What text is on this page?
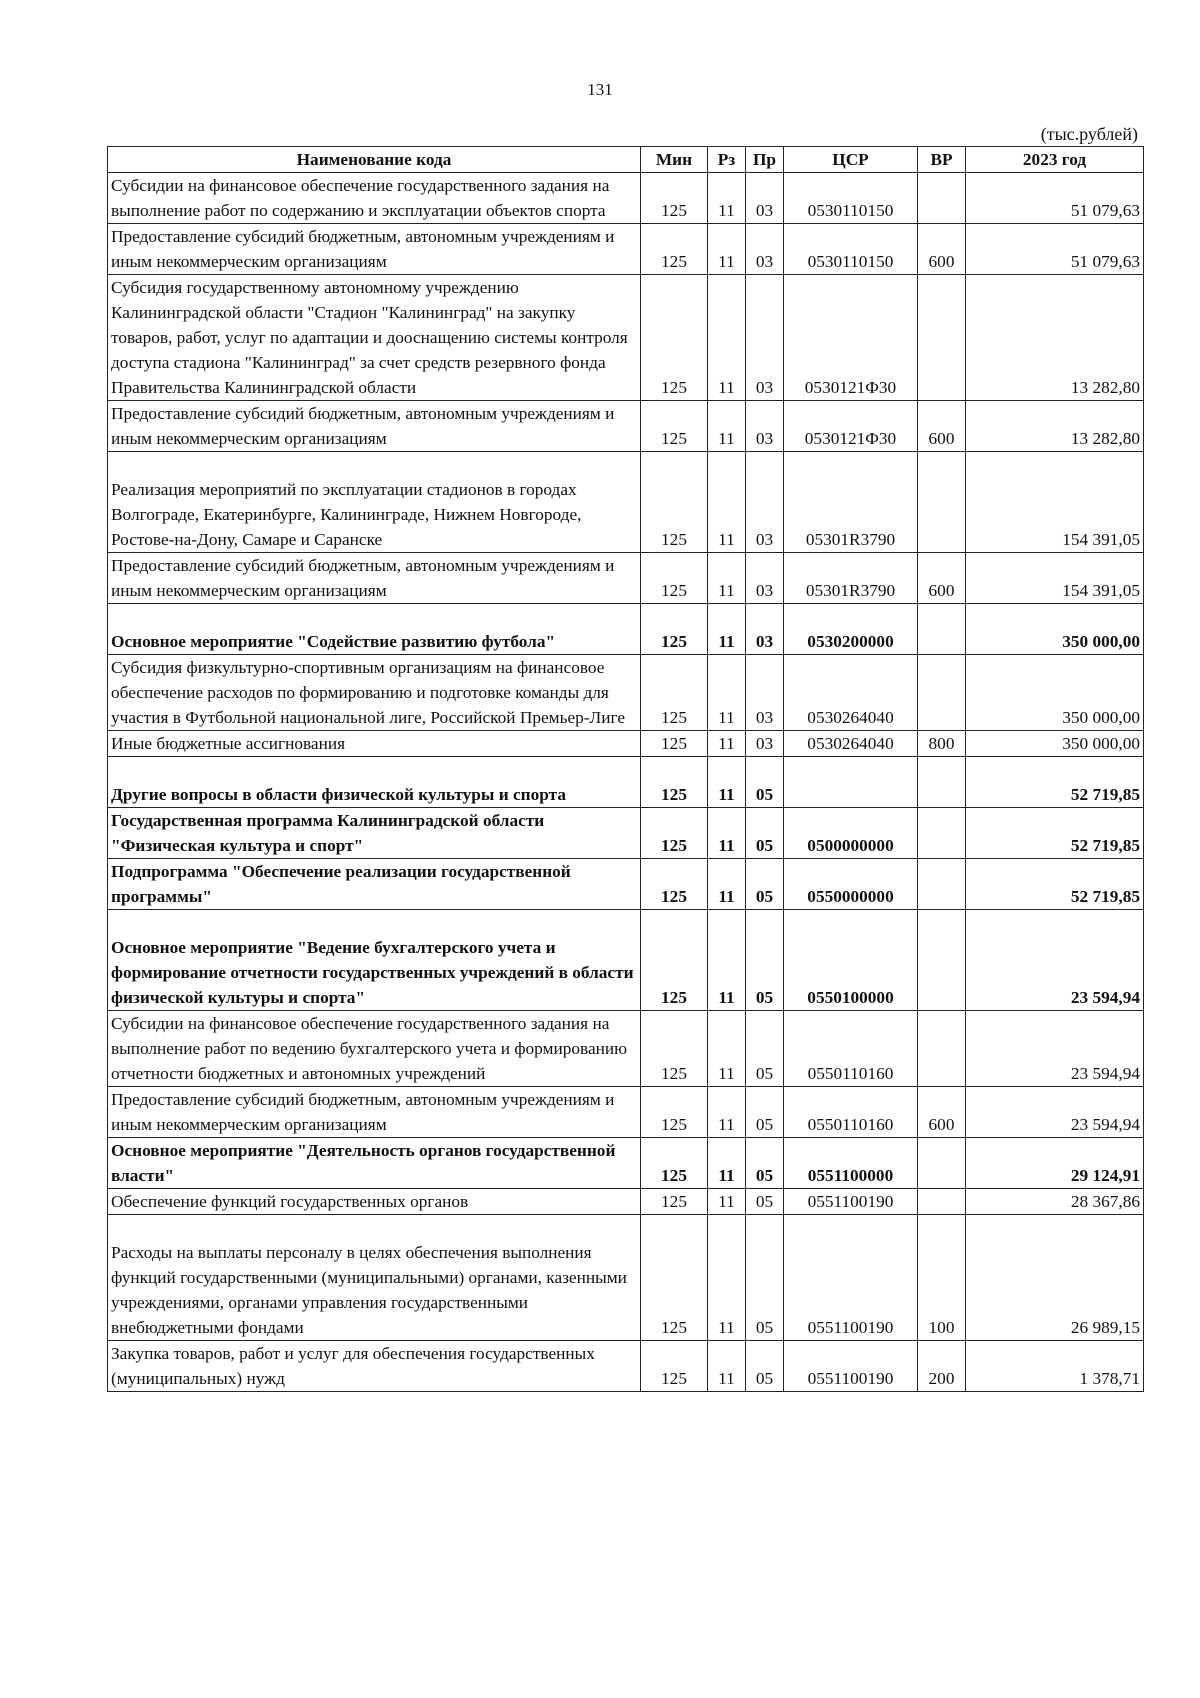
131
(тыс.рублей)
Наименование кода	Мин	Рз	Пр	ЦСР	ВР	2023 год
Субсидии на финансовое обеспечение государственного задания на выполнение работ по содержанию и эксплуатации объектов спорта	125	11	03	0530110150		51 079,63
Предоставление субсидий бюджетным, автономным учреждениям и иным некоммерческим организациям	125	11	03	0530110150	600	51 079,63
Субсидия государственному автономному учреждению Калининградской области "Стадион "Калининград" на закупку товаров, работ, услуг по адаптации и дооснащению системы контроля доступа стадиона "Калининград" за счет средств резервного фонда Правительства Калининградской области	125	11	03	0530121Ф30		13 282,80
Предоставление субсидий бюджетным, автономным учреждениям и иным некоммерческим организациям	125	11	03	0530121Ф30	600	13 282,80

Реализация мероприятий по эксплуатации стадионов в городах Волгограде, Екатеринбурге, Калининграде, Нижнем Новгороде, Ростове-на-Дону, Самаре и Саранске	125	11	03	05301R3790		154 391,05
Предоставление субсидий бюджетным, автономным учреждениям и иным некоммерческим организациям	125	11	03	05301R3790	600	154 391,05

Основное мероприятие "Содействие развитию футбола"	125	11	03	0530200000		350 000,00
Субсидия физкультурно-спортивным организациям на финансовое обеспечение расходов по формированию и подготовке команды для участия в Футбольной национальной лиге, Российской Премьер-Лиге	125	11	03	0530264040		350 000,00
Иные бюджетные ассигнования	125	11	03	0530264040	800	350 000,00

Другие вопросы в области физической культуры и спорта	125	11	05			52 719,85
Государственная программа Калининградской области "Физическая культура и спорт"	125	11	05	0500000000		52 719,85
Подпрограмма "Обеспечение реализации государственной программы"	125	11	05	0550000000		52 719,85

Основное мероприятие "Ведение бухгалтерского учета и формирование отчетности государственных учреждений в области физической культуры и спорта"	125	11	05	0550100000		23 594,94
Субсидии на финансовое обеспечение государственного задания на выполнение работ по ведению бухгалтерского учета и формированию отчетности бюджетных и автономных учреждений	125	11	05	0550110160		23 594,94
Предоставление субсидий бюджетным, автономным учреждениям и иным некоммерческим организациям	125	11	05	0550110160	600	23 594,94
Основное мероприятие "Деятельность органов государственной власти"	125	11	05	0551100000		29 124,91
Обеспечение функций государственных органов	125	11	05	0551100190		28 367,86

Расходы на выплаты персоналу в целях обеспечения выполнения функций государственными (муниципальными) органами, казенными учреждениями, органами управления государственными внебюджетными фондами	125	11	05	0551100190	100	26 989,15
Закупка товаров, работ и услуг для обеспечения государственных (муниципальных) нужд	125	11	05	0551100190	200	1 378,71
